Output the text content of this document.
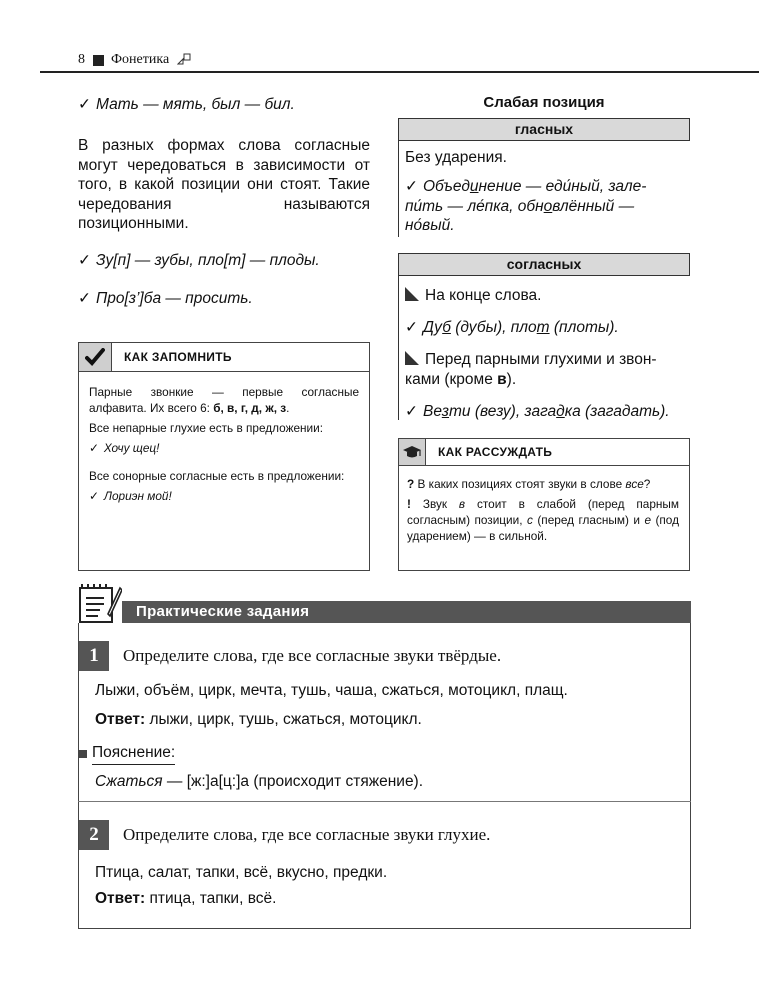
8 Фонетика
✓ Мать — мять, был — бил.
В разных формах слова согласные могут чередоваться в зависимости от того, в какой позиции они стоят. Такие чередования называются позиционными.
✓ Зу[п] — зубы, пло[т] — плоды.
✓ Про[з’]ба — просить.
Слабая позиция
гласных
Без ударения.
✓ Объединение — еди́ный, зале-
пи́ть — ле́пка, обновлённый —
но́вый.
согласных
На конце слова.
✓ Дуб (дубы), плот (плоты).
Перед парными глухими и звон-
ками (кроме в).
✓ Везти (везу), загадка (загадать).
КАК ЗАПОМНИТЬ
Парные звонкие — первые согласные алфавита. Их всего 6: б, в, г, д, ж, з.
Все непарные глухие есть в предложении:
✓ Хочу щец!
Все сонорные согласные есть в предложении:
✓ Лориэн мой!
КАК РАССУЖДАТЬ
? В каких позициях стоят звуки в слове все?
! Звук в стоит в слабой (перед парным согласным) позиции, с (перед гласным) и е (под ударением) — в сильной.
Практические задания
1	Определите слова, где все согласные звуки твёрдые.
Лыжи, объём, цирк, мечта, тушь, чаша, сжаться, мотоцикл, плащ.
Ответ: лыжи, цирк, тушь, сжаться, мотоцикл.
Пояснение:
Сжаться — [ж:]а[ц:]а (происходит стяжение).
2	Определите слова, где все согласные звуки глухие.
Птица, салат, тапки, всё, вкусно, предки.
Ответ: птица, тапки, всё.
